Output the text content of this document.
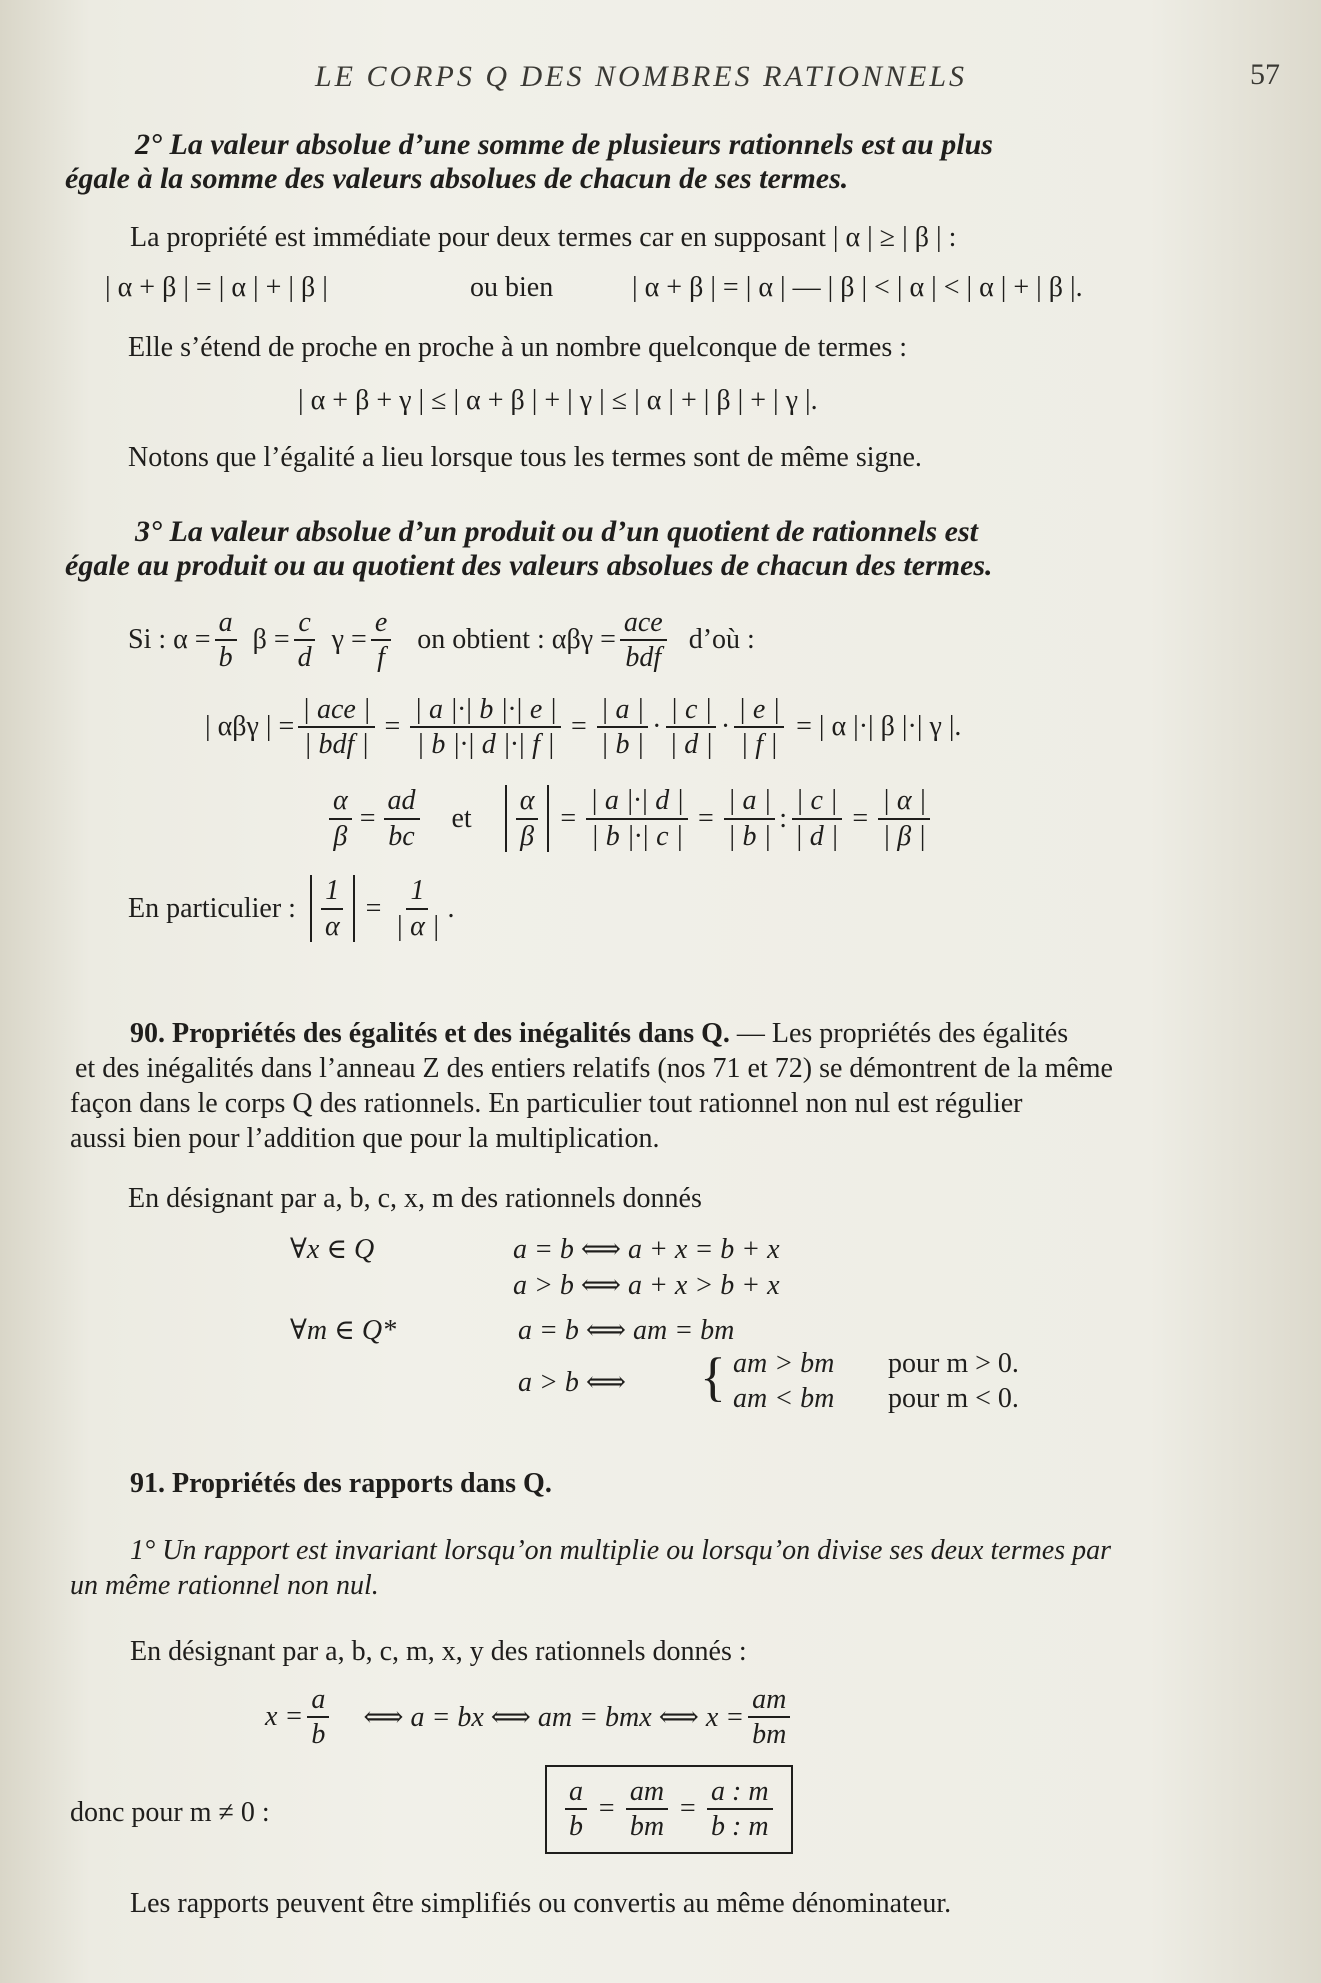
LE CORPS Q DES NOMBRES RATIONNELS	57
2° La valeur absolue d’une somme de plusieurs rationnels est au plus
égale à la somme des valeurs absolues de chacun de ses termes.
La propriété est immédiate pour deux termes car en supposant | α | ≥ | β | :
| α + β | = | α | + | β |	ou bien	| α + β | = | α | — | β | < | α | < | α | + | β |.
Elle s’étend de proche en proche à un nombre quelconque de termes :
| α + β + γ | ≤ | α + β | + | γ | ≤ | α | + | β | + | γ |.
Notons que l’égalité a lieu lorsque tous les termes sont de même signe.
3° La valeur absolue d’un produit ou d’un quotient de rationnels est
égale au produit ou au quotient des valeurs absolues de chacun des termes.
Si : $\alpha = \frac{a}{b}$ $\beta = \frac{c}{d}$ $\gamma = \frac{e}{f}$ on obtient : $\alpha\beta\gamma = \frac{\text{ace}}{\text{bdf}}$ d’où :
| αβγ | = $\frac{\text{| ace |}}{\text{| bdf |}} = \frac{| a |\cdot| b |\cdot| e |}{| b |\cdot| d |\cdot| f |} = \frac{| a |}{| b |} \cdot \frac{| c |}{| d |} \cdot \frac{| e |}{| f |}$ = | α |·| β |·| γ |.
$\frac{\alpha}{\beta} = \frac{ad}{bc}$ et $\frac{\alpha}{\beta} = \frac{| a |\cdot| d |}{| b |\cdot| c |} = \frac{| a |}{| b |}$ : $\frac{| c |}{| d |} = \frac{| \alpha |}{| \beta |}$
En particulier : $\frac{1}{\alpha} = \frac{1}{| \alpha |}$ .
90. Propriétés des égalités et des inégalités dans Q. — Les propriétés des égalités
et des inégalités dans l’anneau Z des entiers relatifs (nos 71 et 72) se démontrent de la même
façon dans le corps Q des rationnels. En particulier tout rationnel non nul est régulier
aussi bien pour l’addition que pour la multiplication.
En désignant par a, b, c, x, m des rationnels donnés
∀x ∈ Q	a = b ⟺ a + x = b + x
a > b ⟺ a + x > b + x
∀m ∈ Q*	a = b ⟺ am = bm
a > b ⟺ { am > bm pour m > 0.
am < bm pour m < 0.
91. Propriétés des rapports dans Q.
1° Un rapport est invariant lorsqu’on multiplie ou lorsqu’on divise ses deux termes par
un même rationnel non nul.
En désignant par a, b, c, m, x, y des rationnels donnés :
$x = \frac{a}{b}$ ⟺ a = bx ⟺ am = bmx ⟺ $x = \frac{am}{bm}$
donc pour m ≠ 0 :	$\frac{a}{b} = \frac{am}{bm} = \frac{a : m}{b : m}$
Les rapports peuvent être simplifiés ou convertis au même dénominateur.
